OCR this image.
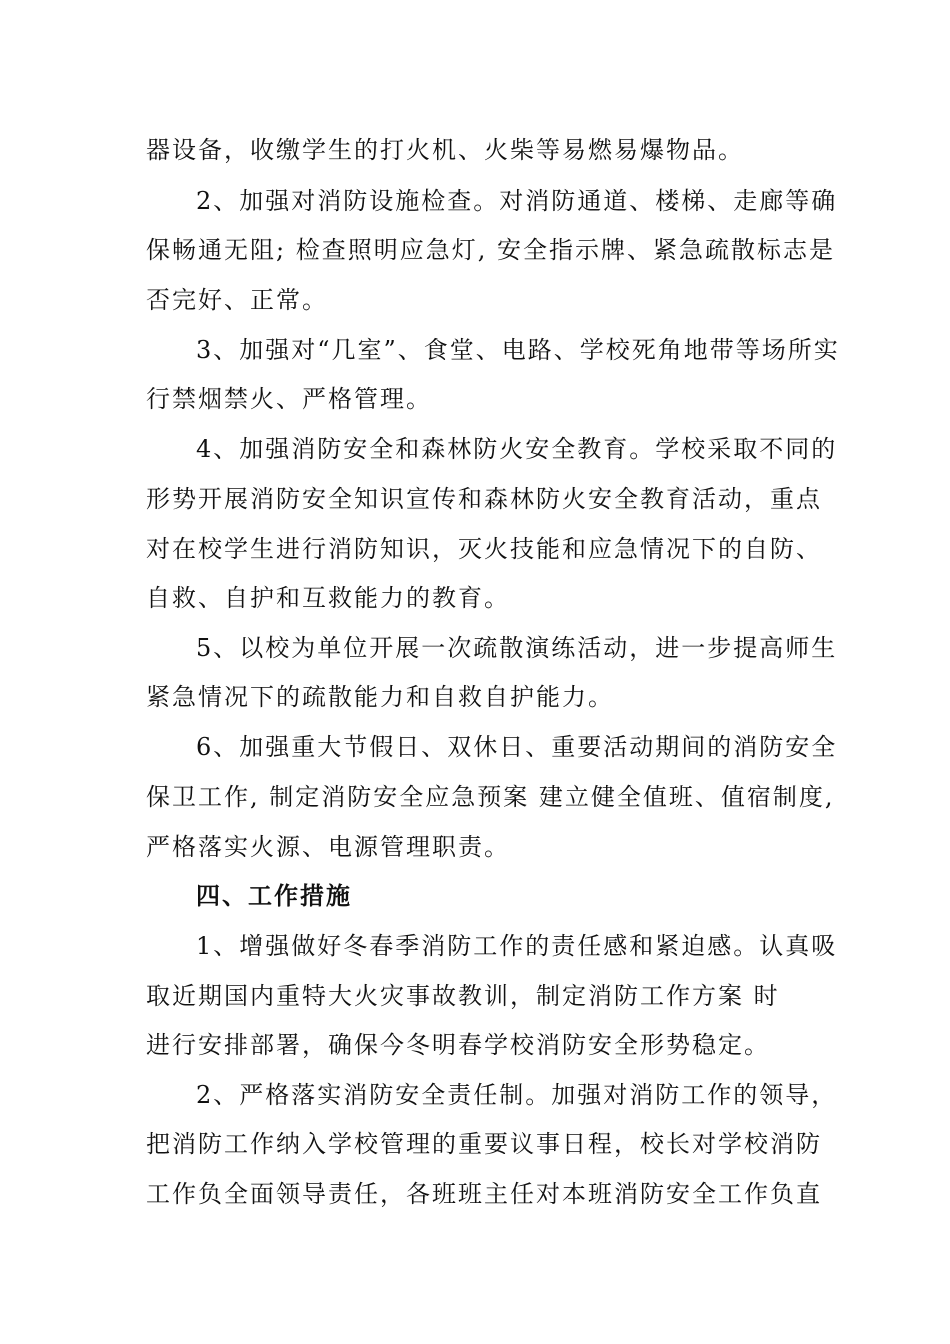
器设备，收缴学生的打火机、火柴等易燃易爆物品。
2、加强对消防设施检查。对消防通道、楼梯、走廊等确
保畅通无阻; 检查照明应急灯, 安全指示牌、紧急疏散标志是
否完好、正常。
3、加强对“几室”、食堂、电路、学校死角地带等场所实
行禁烟禁火、严格管理。
4、加强消防安全和森林防火安全教育。学校采取不同的
形势开展消防安全知识宣传和森林防火安全教育活动，重点
对在校学生进行消防知识，灭火技能和应急情况下的自防、
自救、自护和互救能力的教育。
5、以校为单位开展一次疏散演练活动，进一步提高师生
紧急情况下的疏散能力和自救自护能力。
6、加强重大节假日、双休日、重要活动期间的消防安全
保卫工作, 制定消防安全应急预案 建立健全值班、值宿制度,
严格落实火源、电源管理职责。
四、工作措施
1、增强做好冬春季消防工作的责任感和紧迫感。认真吸
取近期国内重特大火灾事故教训，制定消防工作方案 时
进行安排部署，确保今冬明春学校消防安全形势稳定。
2、严格落实消防安全责任制。加强对消防工作的领导，
把消防工作纳入学校管理的重要议事日程，校长对学校消防
工作负全面领导责任，各班班主任对本班消防安全工作负直
